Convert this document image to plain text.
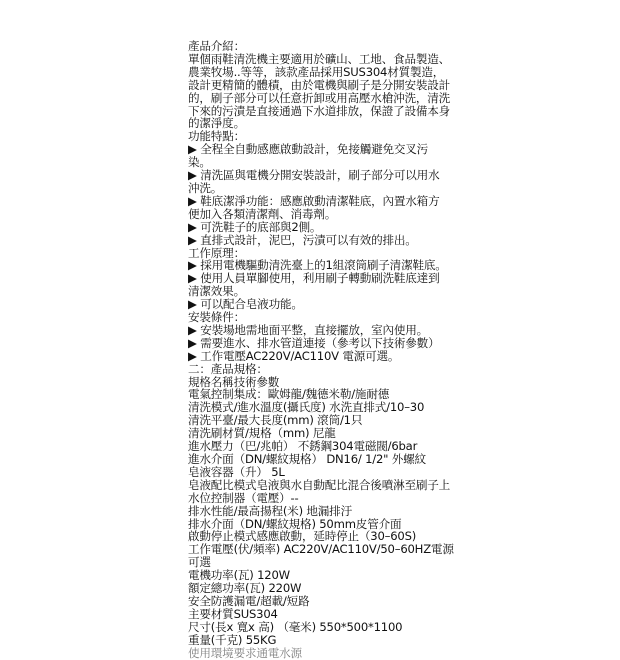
產品介紹：
單個雨鞋清洗機主要適用於礦山、工地、食品製造、
農業牧場..等等，該款產品採用SUS304材質製造，
設計更精簡的體積，由於電機與刷子是分開安裝設計
的，刷子部分可以任意折卸或用高壓水槍沖洗，清洗
下來的污漬是直接通過下水道排放，保證了設備本身
的潔淨度。
功能特點：
▶ 全程全自動感應啟動設計，免接觸避免交叉污
染。
▶ 清洗區與電機分開安裝設計，刷子部分可以用水
沖洗。
▶ 鞋底潔淨功能：感應啟動清潔鞋底，內置水箱方
便加入各類清潔劑、消毒劑。
▶ 可洗鞋子的底部與2側。
▶ 直排式設計，泥巴，污漬可以有效的排出。
工作原理：
▶ 採用電機驅動清洗臺上的1組滾筒刷子清潔鞋底。
▶ 使用人員單腳使用，利用刷子轉動刷洗鞋底達到
清潔效果。
▶ 可以配合皂液功能。
安裝條件：
▶ 安裝場地需地面平整，直接擺放，室內使用。
▶ 需要進水、排水管道連接（參考以下技術參數）
▶ 工作電壓AC220V/AC110V 電源可選。
二：產品規格：
規格名稱技術參數
電氣控制集成：歐姆龍/魏德米勒/施耐德
清洗模式/進水溫度(攝氏度) 水洗直排式/10–30
清洗平臺/最大長度(mm) 滾筒/1只
清洗刷材質/規格（mm) 尼龍
進水壓力（巴/兆帕） 不銹鋼304電磁閥/6bar
進水介面（DN/螺紋規格） DN16/ 1/2" 外螺紋
皂液容器（升） 5L
皂液配比模式皂液與水自動配比混合後噴淋至刷子上
水位控制器（電壓）--
排水性能/最高揚程(米) 地漏排汙
排水介面（DN/螺紋規格) 50mm皮管介面
啟動停止模式感應啟動，延時停止（30–60S)
工作電壓(伏/頻率) AC220V/AC110V/50–60HZ電源
可選
電機功率(瓦) 120W
額定總功率(瓦) 220W
安全防護漏電/超載/短路
主要材質SUS304
尺寸(長x 寬x 高) （毫米) 550*500*1100
重量(千克) 55KG
使用環境要求通電水源
